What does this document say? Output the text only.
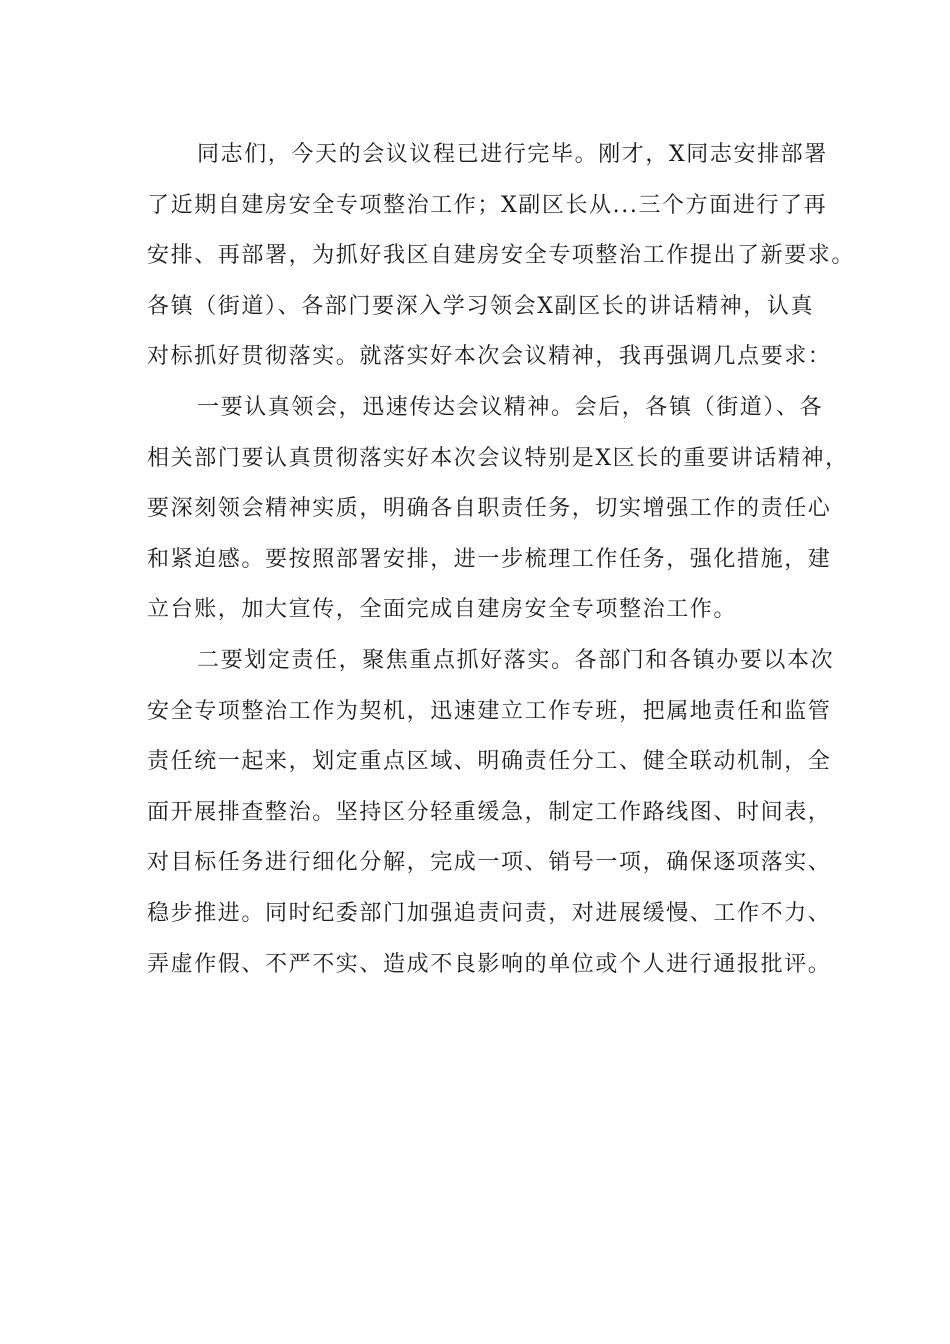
同志们，今天的会议议程已进行完毕。刚才，X同志安排部署
了近期自建房安全专项整治工作；X副区长从...三个方面进行了再
安排、再部署，为抓好我区自建房安全专项整治工作提出了新要求。
各镇（街道）、各部门要深入学习领会X副区长的讲话精神，认真
对标抓好贯彻落实。就落实好本次会议精神，我再强调几点要求：
一要认真领会，迅速传达会议精神。会后，各镇（街道）、各
相关部门要认真贯彻落实好本次会议特别是X区长的重要讲话精神，
要深刻领会精神实质，明确各自职责任务，切实增强工作的责任心
和紧迫感。要按照部署安排，进一步梳理工作任务，强化措施，建
立台账，加大宣传，全面完成自建房安全专项整治工作。
二要划定责任，聚焦重点抓好落实。各部门和各镇办要以本次
安全专项整治工作为契机，迅速建立工作专班，把属地责任和监管
责任统一起来，划定重点区域、明确责任分工、健全联动机制，全
面开展排查整治。坚持区分轻重缓急，制定工作路线图、时间表，
对目标任务进行细化分解，完成一项、销号一项，确保逐项落实、
稳步推进。同时纪委部门加强追责问责，对进展缓慢、工作不力、
弄虚作假、不严不实、造成不良影响的单位或个人进行通报批评。
